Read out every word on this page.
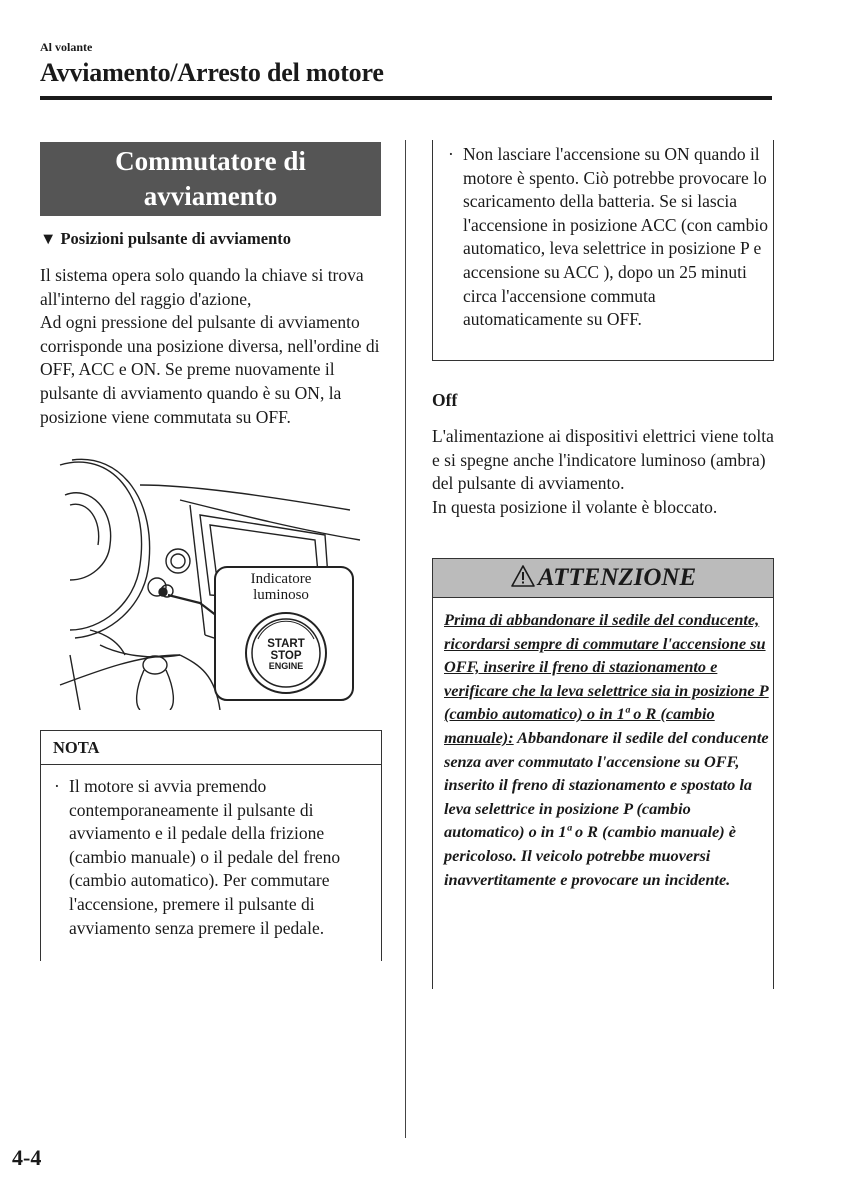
Al volante
Avviamento/Arresto del motore
Commutatore di
avviamento
▼ Posizioni pulsante di avviamento

Il sistema opera solo quando la chiave si trova all'interno del raggio d'azione,

Ad ogni pressione del pulsante di avviamento corrisponde una posizione diversa, nell'ordine di OFF, ACC e ON. Se preme nuovamente il pulsante di avviamento quando è su ON, la posizione viene commutata su OFF.

Indicatore
luminoso
START
STOP
ENGINE
NOTA
· Il motore si avvia premendo contemporaneamente il pulsante di avviamento e il pedale della frizione (cambio manuale) o il pedale del freno (cambio automatico). Per commutare l'accensione, premere il pulsante di avviamento senza premere il pedale.
· Non lasciare l'accensione su ON quando il motore è spento. Ciò potrebbe provocare lo scaricamento della batteria. Se si lascia l'accensione in posizione ACC (con cambio automatico, leva selettrice in posizione P e accensione su ACC ), dopo un 25 minuti circa l'accensione commuta automaticamente su OFF.
Off

L'alimentazione ai dispositivi elettrici viene tolta e si spegne anche l'indicatore luminoso (ambra) del pulsante di avviamento.

In questa posizione il volante è bloccato.

ATTENZIONE
Prima di abbandonare il sedile del conducente, ricordarsi sempre di commutare l'accensione su OFF, inserire il freno di stazionamento e verificare che la leva selettrice sia in posizione P (cambio automatico) o in 1ª o R (cambio manuale): Abbandonare il sedile del conducente senza aver commutato l'accensione su OFF, inserito il freno di stazionamento e spostato la leva selettrice in posizione P (cambio automatico) o in 1ª o R (cambio manuale) è pericoloso. Il veicolo potrebbe muoversi inavvertitamente e provocare un incidente.
4-4
